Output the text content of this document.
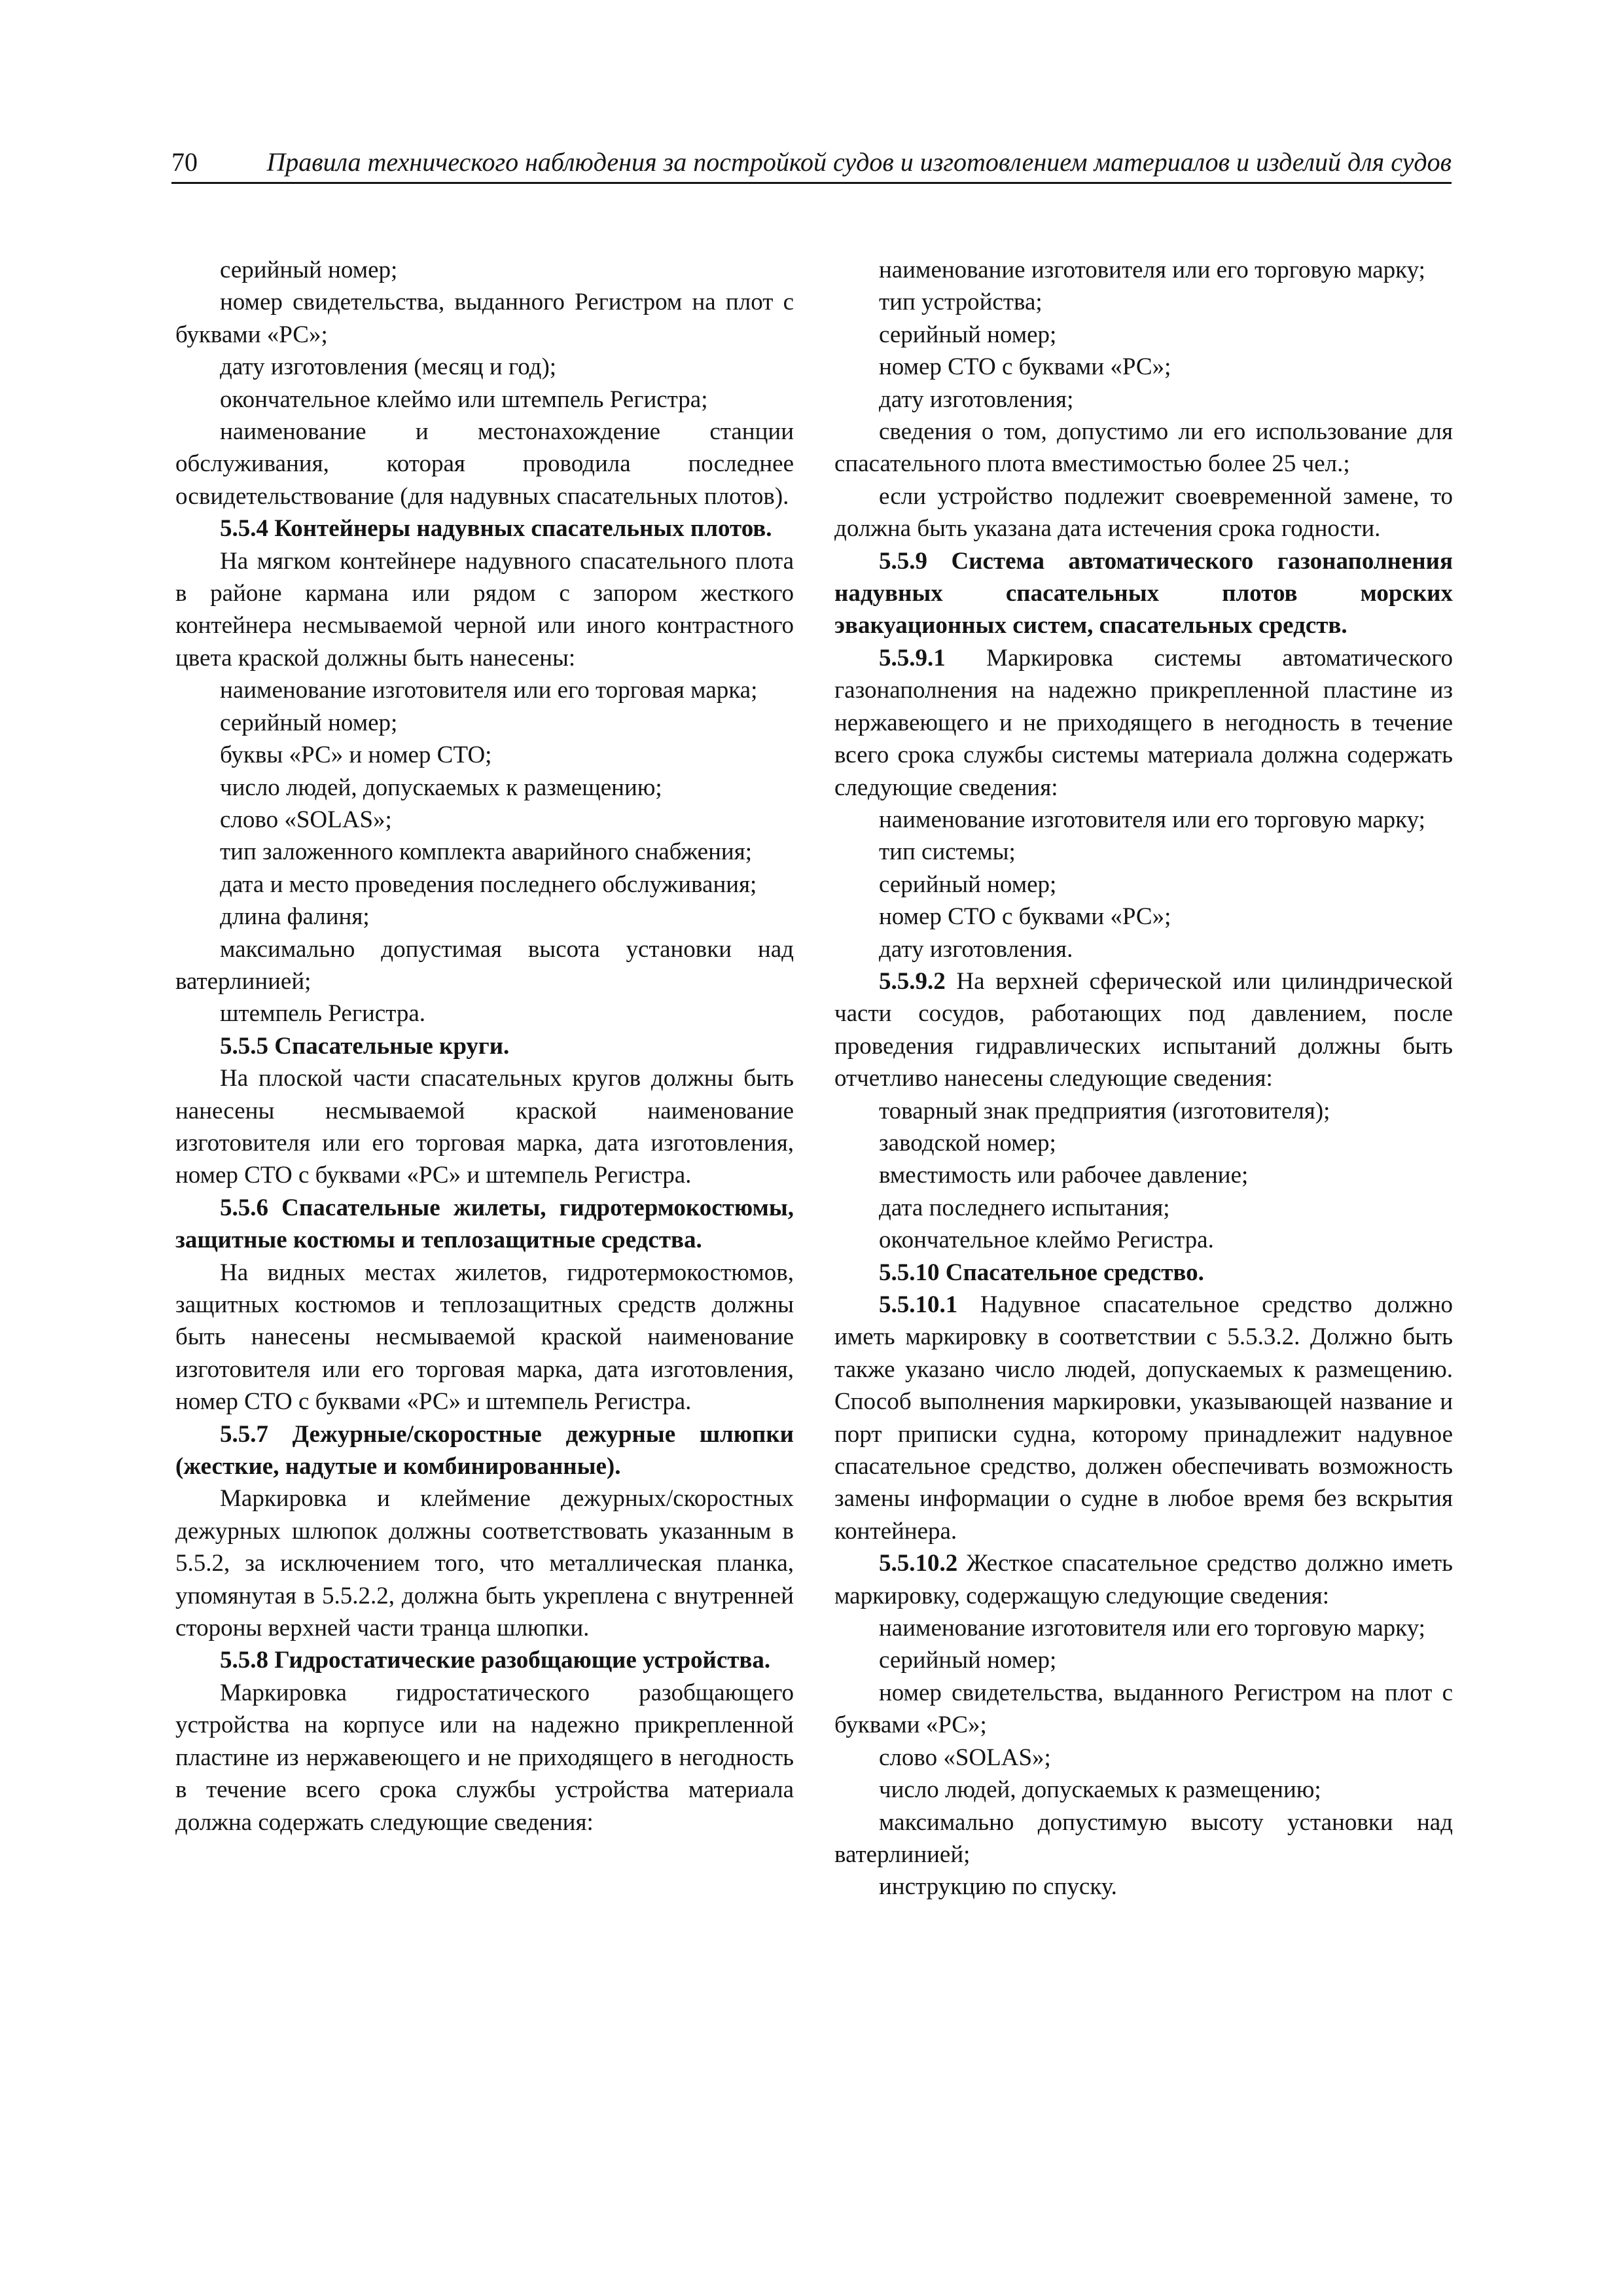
70	Правила технического наблюдения за постройкой судов и изготовлением материалов и изделий для судов

серийный номер;

номер свидетельства, выданного Регистром на плот с буквами «РС»;

дату изготовления (месяц и год);

окончательное клеймо или штемпель Регистра;

наименование и местонахождение станции обслуживания, которая проводила последнее освидетельствование (для надувных спасательных плотов).

5.5.4 Контейнеры надувных спасательных плотов.

На мягком контейнере надувного спасательного плота в районе кармана или рядом с запором жесткого контейнера несмываемой черной или иного контрастного цвета краской должны быть нанесены:

наименование изготовителя или его торговая марка;

серийный номер;

буквы «РС» и номер СТО;

число людей, допускаемых к размещению;

слово «SOLAS»;

тип заложенного комплекта аварийного снабжения;

дата и место проведения последнего обслуживания;

длина фалиня;

максимально допустимая высота установки над ватерлинией;

штемпель Регистра.

5.5.5 Спасательные круги.

На плоской части спасательных кругов должны быть нанесены несмываемой краской наименование изготовителя или его торговая марка, дата изготовления, номер СТО с буквами «РС» и штемпель Регистра.

5.5.6 Спасательные жилеты, гидротермокостюмы, защитные костюмы и теплозащитные средства.

На видных местах жилетов, гидротермокостюмов, защитных костюмов и теплозащитных средств должны быть нанесены несмываемой краской наименование изготовителя или его торговая марка, дата изготовления, номер СТО с буквами «РС» и штемпель Регистра.

5.5.7 Дежурные/скоростные дежурные шлюпки (жесткие, надутые и комбинированные).

Маркировка и клеймение дежурных/скоростных дежурных шлюпок должны соответствовать указанным в 5.5.2, за исключением того, что металлическая планка, упомянутая в 5.5.2.2, должна быть укреплена с внутренней стороны верхней части транца шлюпки.

5.5.8 Гидростатические разобщающие устройства.

Маркировка гидростатического разобщающего устройства на корпусе или на надежно прикрепленной пластине из нержавеющего и не приходящего в негодность в течение всего срока службы устройства материала должна содержать следующие сведения:

наименование изготовителя или его торговую марку;

тип устройства;

серийный номер;

номер СТО с буквами «РС»;

дату изготовления;

сведения о том, допустимо ли его использование для спасательного плота вместимостью более 25 чел.;

если устройство подлежит своевременной замене, то должна быть указана дата истечения срока годности.

5.5.9 Система автоматического газонаполнения надувных спасательных плотов морских эвакуационных систем, спасательных средств.

5.5.9.1 Маркировка системы автоматического газонаполнения на надежно прикрепленной пластине из нержавеющего и не приходящего в негодность в течение всего срока службы системы материала должна содержать следующие сведения:

наименование изготовителя или его торговую марку;

тип системы;

серийный номер;

номер СТО с буквами «РС»;

дату изготовления.

5.5.9.2 На верхней сферической или цилиндрической части сосудов, работающих под давлением, после проведения гидравлических испытаний должны быть отчетливо нанесены следующие сведения:

товарный знак предприятия (изготовителя);

заводской номер;

вместимость или рабочее давление;

дата последнего испытания;

окончательное клеймо Регистра.

5.5.10 Спасательное средство.

5.5.10.1 Надувное спасательное средство должно иметь маркировку в соответствии с 5.5.3.2. Должно быть также указано число людей, допускаемых к размещению. Способ выполнения маркировки, указывающей название и порт приписки судна, которому принадлежит надувное спасательное средство, должен обеспечивать возможность замены информации о судне в любое время без вскрытия контейнера.

5.5.10.2 Жесткое спасательное средство должно иметь маркировку, содержащую следующие сведения:

наименование изготовителя или его торговую марку;

серийный номер;

номер свидетельства, выданного Регистром на плот с буквами «РС»;

слово «SOLAS»;

число людей, допускаемых к размещению;

максимально допустимую высоту установки над ватерлинией;

инструкцию по спуску.
